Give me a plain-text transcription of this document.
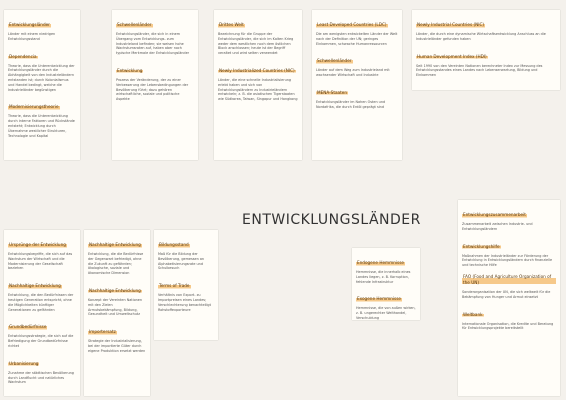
Entwicklungsländer
Länder mit einem niedrigen Entwicklungsstand
Dependencia
Theorie, dass die Unterentwicklung der Entwicklungsländer durch die Abhängigkeit von den Industrieländern entstanden ist; durch Kolonialismus und Handel bedingt, welche die Industrieländer begünstigen
Modernisierungstheorie
Theorie, dass die Unterentwicklung durch interne Faktoren und Rückstände entsteht; Entwicklung durch Übernahme westlicher Strukturen, Technologie und Kapital
Schwellenländer
Entwicklungsländer, die sich in einem Übergang vom Entwicklungs- zum Industrieland befinden; sie weisen hohe Wachstumsraten auf, haben aber noch typische Merkmale der Entwicklungsländer
Entwicklung
Prozess der Veränderung, der zu einer Verbesserung der Lebensbedingungen der Bevölkerung führt; dazu gehören wirtschaftliche, soziale und politische Aspekte
Drittes Welt
Bezeichnung für die Gruppe der Entwicklungsländer, die sich im Kalten Krieg weder dem westlichen noch dem östlichen Block anschlossen; heute ist der Begriff veraltet und wird selten verwendet
Newly Industrialized Countries (NIC)
Länder, die eine schnelle Industrialisierung erlebt haben und sich von Entwicklungsländern zu Industrieländern entwickeln; z. B. die asiatischen Tigerstaaten wie Südkorea, Taiwan, Singapur und Hongkong
Least Developed Countries (LDC)
Die am wenigsten entwickelten Länder der Welt nach der Definition der UN; geringes Einkommen, schwache Humanressourcen
Schwellenländer
Länder auf dem Weg zum Industrieland mit wachsender Wirtschaft und Industrie
MENA-Staaten
Entwicklungsländer im Nahen Osten und Nordafrika, die durch Erdöl geprägt sind
Newly Industrial Countries (NIC)
Länder, die durch eine dynamische Wirtschaftsentwicklung Anschluss an die Industrieländer gefunden haben
Human Development Index (HDI)
Seit 1990 von den Vereinten Nationen berechneter Index zur Messung des Entwicklungsstandes eines Landes nach Lebenserwartung, Bildung und Einkommen
ENTWICKLUNGSLÄNDER
Ursprünge der Entwicklung
Entwicklungsbegriffe, die sich auf das Wachstum der Wirtschaft und die Modernisierung der Gesellschaft beziehen
Nachhaltige Entwicklung
Entwicklung, die den Bedürfnissen der heutigen Generation entspricht, ohne die Möglichkeiten künftiger Generationen zu gefährden
Grundbedürfnisse
Entwicklungsstrategie, die sich auf die Befriedigung der Grundbedürfnisse richtet
Urbanisierung
Zunahme der städtischen Bevölkerung durch Landflucht und natürliches Wachstum
Nachhaltige Entwicklung
Entwicklung, die die Bedürfnisse der Gegenwart befriedigt, ohne die Zukunft zu gefährden; ökologische, soziale und ökonomische Dimension
Nachhaltige Entwicklung
Konzept der Vereinten Nationen mit den Zielen Armutsbekämpfung, Bildung, Gesundheit und Umweltschutz
Importersatz
Strategie der Industrialisierung, bei der importierte Güter durch eigene Produktion ersetzt werden
Bildungsstand
Maß für die Bildung der Bevölkerung, gemessen an Alphabetisierungsrate und Schulbesuch
Terms of Trade
Verhältnis von Export- zu Importpreisen eines Landes; Verschlechterung benachteiligt Rohstoffexporteure
Endogene Hemmnisse
Hemmnisse, die innerhalb eines Landes liegen, z. B. Korruption, fehlende Infrastruktur
Exogene Hemmnisse
Hemmnisse, die von außen wirken, z. B. ungerechter Welthandel, Verschuldung
Entwicklungszusammenarbeit
Zusammenarbeit zwischen Industrie- und Entwicklungsländern
Entwicklungshilfe
Maßnahmen der Industrieländer zur Förderung der Entwicklung in Entwicklungsländern durch finanzielle und technische Hilfe
FAO (Food and Agriculture Organization of the UN)
Sonderorganisation der UN, die sich weltweit für die Bekämpfung von Hunger und Armut einsetzt
Weltbank
Internationale Organisation, die Kredite und Beratung für Entwicklungsprojekte bereitstellt
